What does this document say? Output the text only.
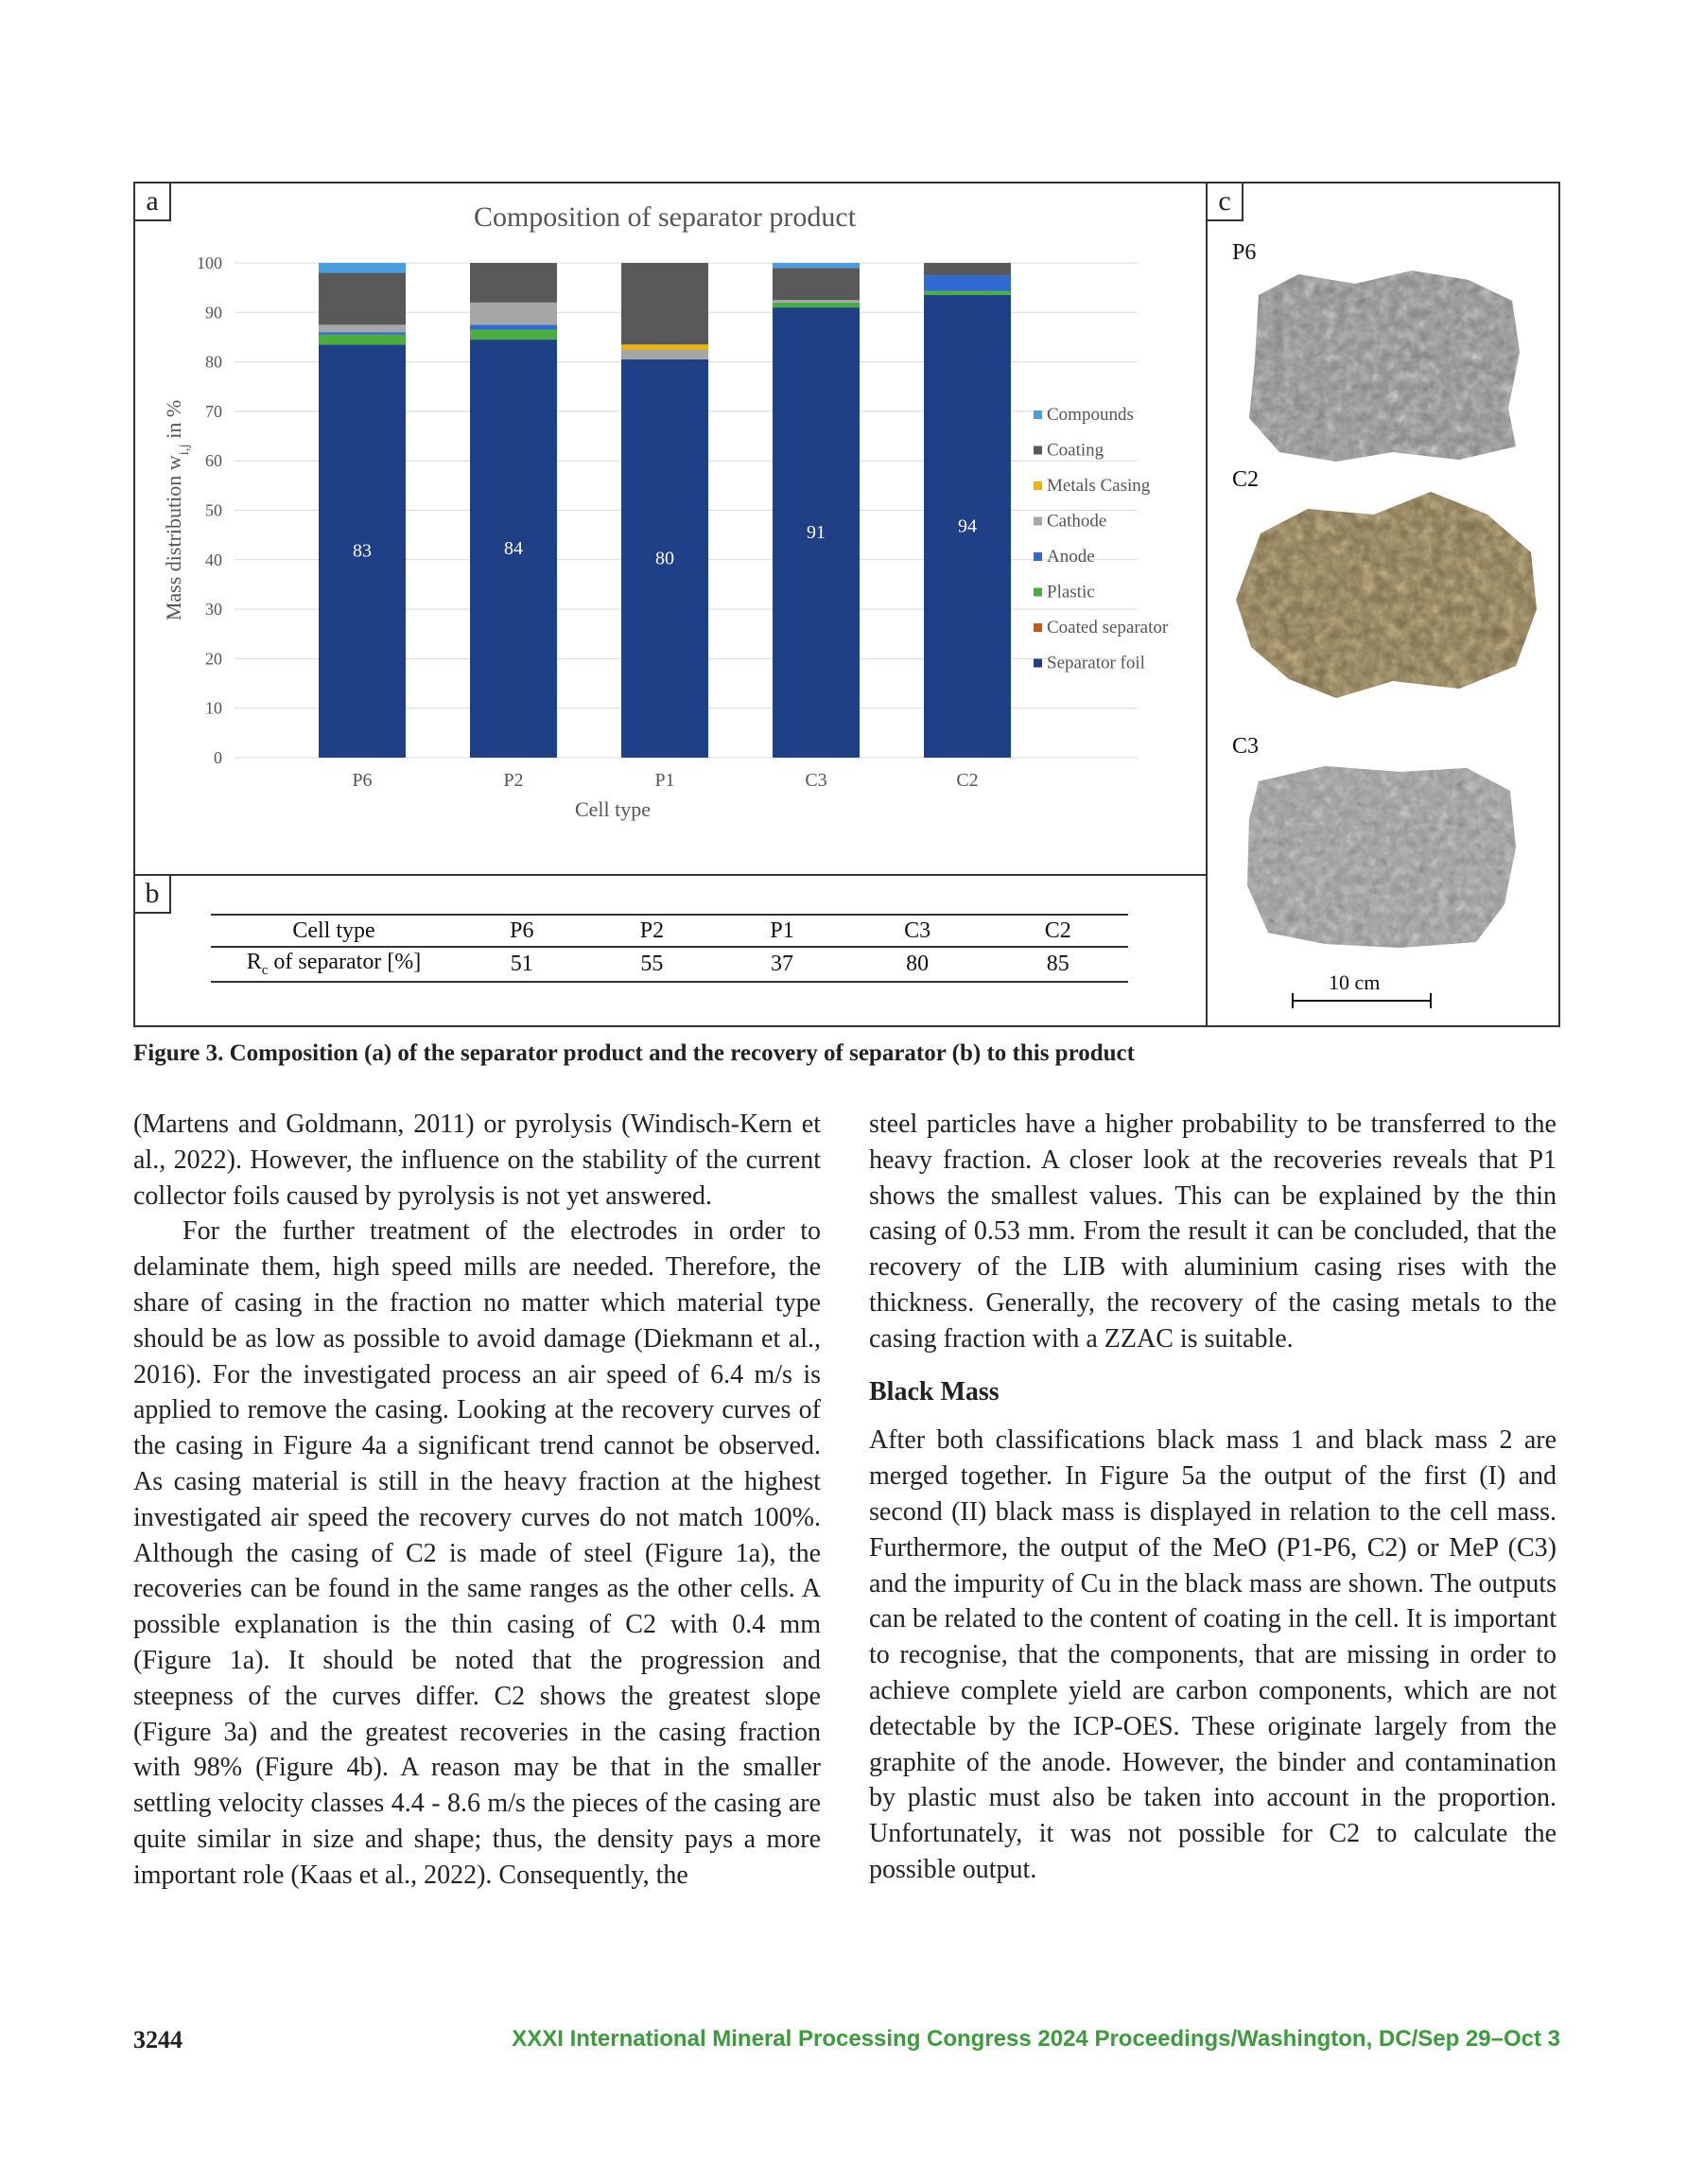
Composition of separator product
0
10
20
30
40
50
60
70
80
90
100
Mass distribution $w_{i,j}$ in %
83
P6
84
P2
80
P1
91
C3
94
C2
Cell type
Compounds
Coating
Metals Casing
Cathode
Anode
Plastic
Coated separator
Separator foil
a
b
Cell type	P6	P2	P1	C3	C2
$R_c$ of separator [%]	51	55	37	80	85
c
P6
C2
C3
10 cm
Figure 3. Composition (a) of the separator product and the recovery of separator (b) to this product

(Martens and Goldmann, 2011) or pyrolysis (Windisch-Kern et al., 2022). However, the influence on the stability of the current collector foils caused by pyrolysis is not yet answered.

For the further treatment of the electrodes in order to delaminate them, high speed mills are needed. Therefore, the share of casing in the fraction no matter which material type should be as low as possible to avoid damage (Diekmann et al., 2016). For the investigated process an air speed of 6.4 m/s is applied to remove the casing. Looking at the recovery curves of the casing in Figure 4a a significant trend cannot be observed. As casing material is still in the heavy fraction at the highest investigated air speed the recovery curves do not match 100%. Although the casing of C2 is made of steel (Figure 1a), the recoveries can be found in the same ranges as the other cells. A possible explanation is the thin casing of C2 with 0.4 mm (Figure 1a). It should be noted that the progression and steepness of the curves differ. C2 shows the greatest slope (Figure 3a) and the greatest recoveries in the casing fraction with 98% (Figure 4b). A reason may be that in the smaller settling velocity classes 4.4 - 8.6 m/s the pieces of the casing are quite similar in size and shape; thus, the density pays a more important role (Kaas et al., 2022). Consequently, the

steel particles have a higher probability to be transferred to the heavy fraction. A closer look at the recoveries reveals that P1 shows the smallest values. This can be explained by the thin casing of 0.53 mm. From the result it can be concluded, that the recovery of the LIB with aluminium casing rises with the thickness. Generally, the recovery of the casing metals to the casing fraction with a ZZAC is suitable.

Black Mass

After both classifications black mass 1 and black mass 2 are merged together. In Figure 5a the output of the first (I) and second (II) black mass is displayed in relation to the cell mass. Furthermore, the output of the MeO (P1-P6, C2) or MeP (C3) and the impurity of Cu in the black mass are shown. The outputs can be related to the content of coating in the cell. It is important to recognise, that the components, that are missing in order to achieve complete yield are carbon components, which are not detectable by the ICP-OES. These originate largely from the graphite of the anode. However, the binder and contamination by plastic must also be taken into account in the proportion. Unfortunately, it was not possible for C2 to calculate the possible output.

3244	XXXI International Mineral Processing Congress 2024 Proceedings/Washington, DC/Sep 29–Oct 3
